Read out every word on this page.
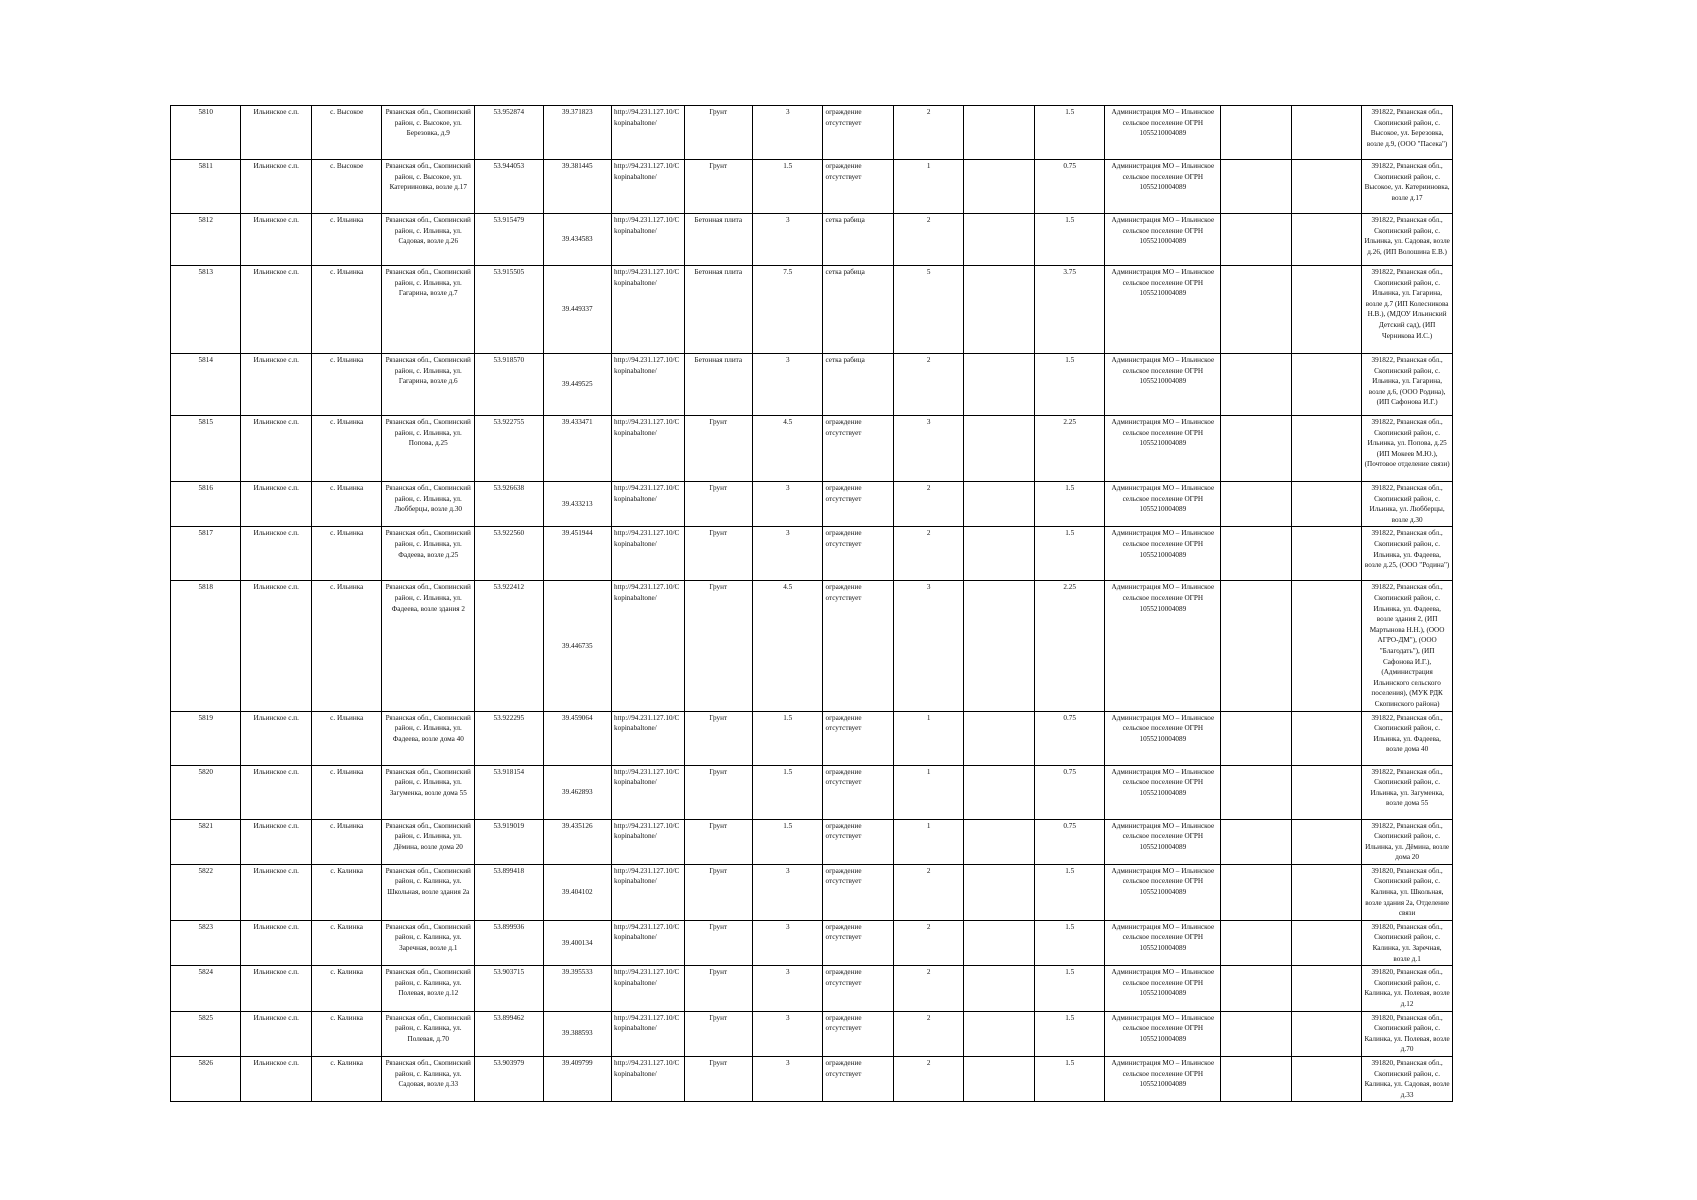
5810	Ильинское с.п.	с. Высокое	Рязанская обл., Скопинский район, с. Высокое, ул. Березовка, д.9	53.952874	39.371823	http://94.231.127.10/Ckopinabaltone/	Грунт	3	ограждение отсутствует	2		1.5	Администрация МО – Ильинское сельское поселение ОГРН 1055210004089			391822, Рязанская обл., Скопинский район, с. Высокое, ул. Березовка, возле д.9, (ООО "Пасека")
5811	Ильинское с.п.	с. Высокое	Рязанская обл., Скопинский район, с. Высокое, ул. Катерииновка, возле д.17	53.944053	39.381445	http://94.231.127.10/Ckopinabaltone/	Грунт	1.5	ограждение отсутствует	1		0.75	Администрация МО – Ильинское сельское поселение ОГРН 1055210004089			391822, Рязанская обл., Скопинский район, с. Высокое, ул. Катерииновка, возле д.17
5812	Ильинское с.п.	с. Ильинка	Рязанская обл., Скопинский район, с. Ильинка, ул. Садовая, возле д.26	53.915479	39.434583	http://94.231.127.10/Ckopinabaltone/	Бетонная плита	3	сетка рабица	2		1.5	Администрация МО – Ильинское сельское поселение ОГРН 1055210004089			391822, Рязанская обл., Скопинский район, с. Ильинка, ул. Садовая, возле д.26, (ИП Волошина Е.В.)
5813	Ильинское с.п.	с. Ильинка	Рязанская обл., Скопинский район, с. Ильинка, ул. Гагарина, возле д.7	53.915505	39.449337	http://94.231.127.10/Ckopinabaltone/	Бетонная плита	7.5	сетка рабица	5		3.75	Администрация МО – Ильинское сельское поселение ОГРН 1055210004089			391822, Рязанская обл., Скопинский район, с. Ильинка, ул. Гагарина, возле д.7 (ИП Колесникова Н.В.), (МДОУ Ильинский Детский сад), (ИП Черникова И.С.)
5814	Ильинское с.п.	с. Ильинка	Рязанская обл., Скопинский район, с. Ильинка, ул. Гагарина, возле д.6	53.918570	39.449525	http://94.231.127.10/Ckopinabaltone/	Бетонная плита	3	сетка рабица	2		1.5	Администрация МО – Ильинское сельское поселение ОГРН 1055210004089			391822, Рязанская обл., Скопинский район, с. Ильинка, ул. Гагарина, возле д.6, (ООО Родина), (ИП Сафонова И.Г.)
5815	Ильинское с.п.	с. Ильинка	Рязанская обл., Скопинский район, с. Ильинка, ул. Попова, д.25	53.922755	39.433471	http://94.231.127.10/Ckopinabaltone/	Грунт	4.5	ограждение отсутствует	3		2.25	Администрация МО – Ильинское сельское поселение ОГРН 1055210004089			391822, Рязанская обл., Скопинский район, с. Ильинка, ул. Попова, д.25 (ИП Мокеев М.Ю.), (Почтовое отделение связи)
5816	Ильинское с.п.	с. Ильинка	Рязанская обл., Скопинский район, с. Ильинка, ул. Любберцы, возле д.30	53.926638	39.433213	http://94.231.127.10/Ckopinabaltone/	Грунт	3	ограждение отсутствует	2		1.5	Администрация МО – Ильинское сельское поселение ОГРН 1055210004089			391822, Рязанская обл., Скопинский район, с. Ильинка, ул. Любберцы, возле д.30
5817	Ильинское с.п.	с. Ильинка	Рязанская обл., Скопинский район, с. Ильинка, ул. Фадеева, возле д.25	53.922560	39.451944	http://94.231.127.10/Ckopinabaltone/	Грунт	3	ограждение отсутствует	2		1.5	Администрация МО – Ильинское сельское поселение ОГРН 1055210004089			391822, Рязанская обл., Скопинский район, с. Ильинка, ул. Фадеева, возле д.25, (ООО "Родина")
5818	Ильинское с.п.	с. Ильинка	Рязанская обл., Скопинский район, с. Ильинка, ул. Фадеева, возле здания 2	53.922412	39.446735	http://94.231.127.10/Ckopinabaltone/	Грунт	4.5	ограждение отсутствует	3		2.25	Администрация МО – Ильинское сельское поселение ОГРН 1055210004089			391822, Рязанская обл., Скопинский район, с. Ильинка, ул. Фадеева, возле здания 2, (ИП Мартынова Н.Н.), (ООО АГРО-ДМ"), (ООО "Благодать"), (ИП Сафонова И.Г.), (Администрация Ильинского сельского поселения), (МУК РДК Скопинского района)
5819	Ильинское с.п.	с. Ильинка	Рязанская обл., Скопинский район, с. Ильинка, ул. Фадеева, возле дома 40	53.922295	39.459064	http://94.231.127.10/Ckopinabaltone/	Грунт	1.5	ограждение отсутствует	1		0.75	Администрация МО – Ильинское сельское поселение ОГРН 1055210004089			391822, Рязанская обл., Скопинский район, с. Ильинка, ул. Фадеева, возле дома 40
5820	Ильинское с.п.	с. Ильинка	Рязанская обл., Скопинский район, с. Ильинка, ул. Загуменка, возле дома 55	53.918154	39.462893	http://94.231.127.10/Ckopinabaltone/	Грунт	1.5	ограждение отсутствует	1		0.75	Администрация МО – Ильинское сельское поселение ОГРН 1055210004089			391822, Рязанская обл., Скопинский район, с. Ильинка, ул. Загуменка, возле дома 55
5821	Ильинское с.п.	с. Ильинка	Рязанская обл., Скопинский район, с. Ильинка, ул. Дёмина, возле дома 20	53.919019	39.435126	http://94.231.127.10/Ckopinabaltone/	Грунт	1.5	ограждение отсутствует	1		0.75	Администрация МО – Ильинское сельское поселение ОГРН 1055210004089			391822, Рязанская обл., Скопинский район, с. Ильинка, ул. Дёмина, возле дома 20
5822	Ильинское с.п.	с. Калинка	Рязанская обл., Скопинский район, с. Калинка, ул. Школьная, возле здания 2а	53.899418	39.404102	http://94.231.127.10/Ckopinabaltone/	Грунт	3	ограждение отсутствует	2		1.5	Администрация МО – Ильинское сельское поселение ОГРН 1055210004089			391820, Рязанская обл., Скопинский район, с. Калинка, ул. Школьная, возле здания 2а, Отделение связи
5823	Ильинское с.п.	с. Калинка	Рязанская обл., Скопинский район, с. Калинка, ул. Заречная, возле д.1	53.899936	39.400134	http://94.231.127.10/Ckopinabaltone/	Грунт	3	ограждение отсутствует	2		1.5	Администрация МО – Ильинское сельское поселение ОГРН 1055210004089			391820, Рязанская обл., Скопинский район, с. Калинка, ул. Заречная, возле д.1
5824	Ильинское с.п.	с. Калинка	Рязанская обл., Скопинский район, с. Калинка, ул. Полевая, возле д.12	53.903715	39.395533	http://94.231.127.10/Ckopinabaltone/	Грунт	3	ограждение отсутствует	2		1.5	Администрация МО – Ильинское сельское поселение ОГРН 1055210004089			391820, Рязанская обл., Скопинский район, с. Калинка, ул. Полевая, возле д.12
5825	Ильинское с.п.	с. Калинка	Рязанская обл., Скопинский район, с. Калинка, ул. Полевая, д.70	53.899462	39.388593	http://94.231.127.10/Ckopinabaltone/	Грунт	3	ограждение отсутствует	2		1.5	Администрация МО – Ильинское сельское поселение ОГРН 1055210004089			391820, Рязанская обл., Скопинский район, с. Калинка, ул. Полевая, возле д.70
5826	Ильинское с.п.	с. Калинка	Рязанская обл., Скопинский район, с. Калинка, ул. Садовая, возле д.33	53.903979	39.409799	http://94.231.127.10/Ckopinabaltone/	Грунт	3	ограждение отсутствует	2		1.5	Администрация МО – Ильинское сельское поселение ОГРН 1055210004089			391820, Рязанская обл., Скопинский район, с. Калинка, ул. Садовая, возле д.33
